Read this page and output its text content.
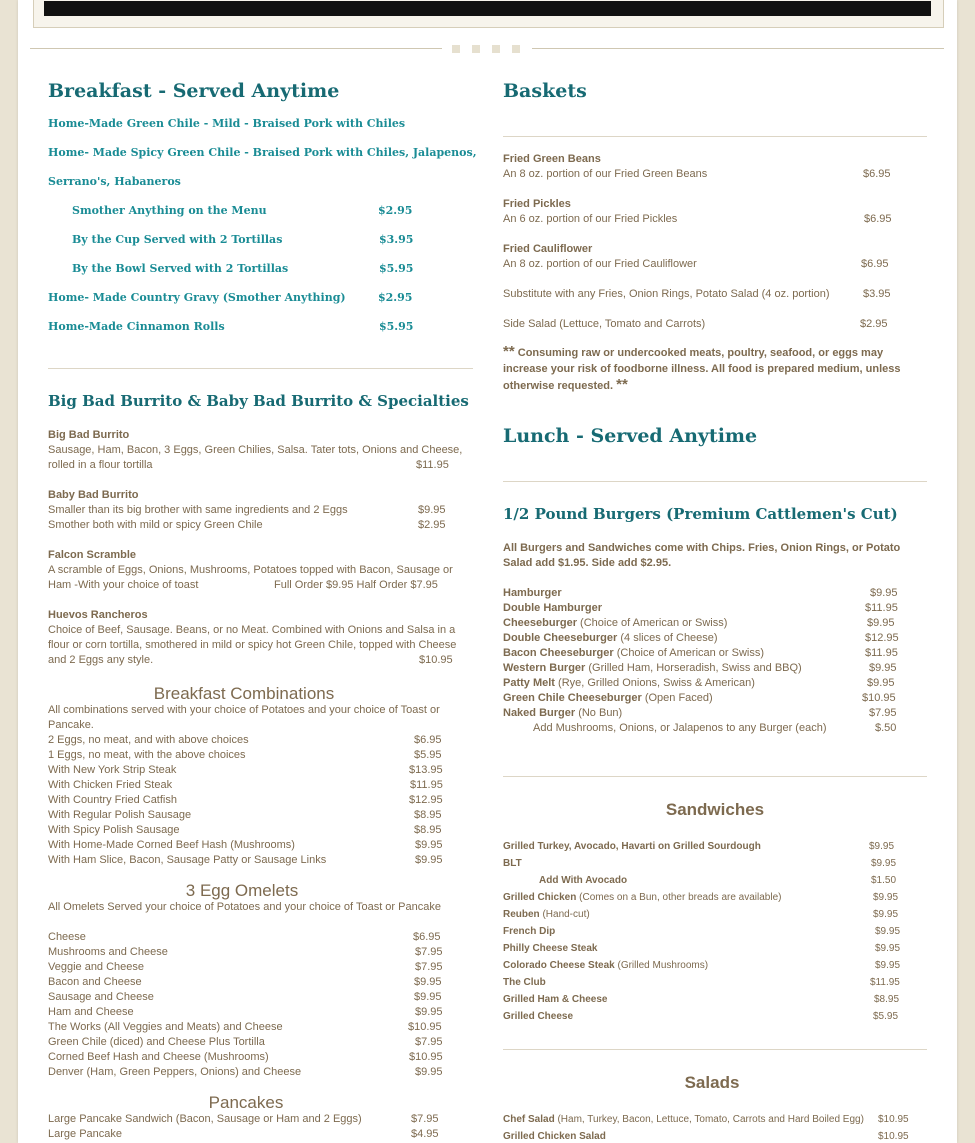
Breakfast - Served Anytime
Home-Made Green Chile - Mild - Braised Pork with Chiles
Home- Made Spicy Green Chile - Braised Pork with Chiles, Jalapenos,
Serrano's, Habaneros
Smother Anything on the Menu	$2.95
By the Cup Served with 2 Tortillas	$3.95
By the Bowl Served with 2 Tortillas	$5.95
Home- Made Country Gravy (Smother Anything)	$2.95
Home-Made Cinnamon Rolls	$5.95
Big Bad Burrito & Baby Bad Burrito & Specialties
Big Bad Burrito
Sausage, Ham, Bacon, 3 Eggs, Green Chilies, Salsa. Tater tots, Onions and Cheese,
rolled in a flour tortilla	$11.95
Baby Bad Burrito
Smaller than its big brother with same ingredients and 2 Eggs	$9.95
Smother both with mild or spicy Green Chile	$2.95
Falcon Scramble
A scramble of Eggs, Onions, Mushrooms, Potatoes topped with Bacon, Sausage or
Ham -With your choice of toast	Full Order $9.95 Half Order $7.95
Huevos Rancheros
Choice of Beef, Sausage. Beans, or no Meat. Combined with Onions and Salsa in a
flour or corn tortilla, smothered in mild or spicy hot Green Chile, topped with Cheese
and 2 Eggs any style.	$10.95
Breakfast Combinations
All combinations served with your choice of Potatoes and your choice of Toast or
Pancake.
3 Egg Omelets
All Omelets Served your choice of Potatoes and your choice of Toast or Pancake
Pancakes
Baskets
Substitute with any Fries, Onion Rings, Potato Salad (4 oz. portion)	$3.95
Side Salad (Lettuce, Tomato and Carrots)	$2.95
** Consuming raw or undercooked meats, poultry, seafood, or eggs may increase your risk of foodborne illness. All food is prepared medium, unless otherwise requested. **
Lunch - Served Anytime
1/2 Pound Burgers (Premium Cattlemen's Cut)
All Burgers and Sandwiches come with Chips. Fries, Onion Rings, or Potato Salad add $1.95. Side add $2.95.
Add Mushrooms, Onions, or Jalapenos to any Burger (each)	$.50
Sandwiches
Salads
2 Eggs, no meat, and with above choices	$6.95
1 Eggs, no meat, with the above choices	$5.95
With New York Strip Steak	$13.95
With Chicken Fried Steak	$11.95
With Country Fried Catfish	$12.95
With Regular Polish Sausage	$8.95
With Spicy Polish Sausage	$8.95
With Home-Made Corned Beef Hash (Mushrooms)	$9.95
With Ham Slice, Bacon, Sausage Patty or Sausage Links	$9.95
Cheese	$6.95
Mushrooms and Cheese	$7.95
Veggie and Cheese	$7.95
Bacon and Cheese	$9.95
Sausage and Cheese	$9.95
Ham and Cheese	$9.95
The Works (All Veggies and Meats) and Cheese	$10.95
Green Chile (diced) and Cheese Plus Tortilla	$7.95
Corned Beef Hash and Cheese (Mushrooms)	$10.95
Denver (Ham, Green Peppers, Onions) and Cheese	$9.95
Large Pancake Sandwich (Bacon, Sausage or Ham and 2 Eggs)	$7.95
Large Pancake	$4.95
Fried Green Beans
An 8 oz. portion of our Fried Green Beans	$6.95
Fried Pickles
An 6 oz. portion of our Fried Pickles	$6.95
Fried Cauliflower
An 8 oz. portion of our Fried Cauliflower	$6.95
Hamburger	$9.95
Double Hamburger	$11.95
Cheeseburger (Choice of American or Swiss)	$9.95
Double Cheeseburger (4 slices of Cheese)	$12.95
Bacon Cheeseburger (Choice of American or Swiss)	$11.95
Western Burger (Grilled Ham, Horseradish, Swiss and BBQ)	$9.95
Patty Melt (Rye, Grilled Onions, Swiss & American)	$9.95
Green Chile Cheeseburger (Open Faced)	$10.95
Naked Burger (No Bun)	$7.95
Grilled Turkey, Avocado, Havarti on Grilled Sourdough	$9.95
BLT	$9.95
Add With Avocado	$1.50
Grilled Chicken (Comes on a Bun, other breads are available)	$9.95
Reuben (Hand-cut)	$9.95
French Dip	$9.95
Philly Cheese Steak	$9.95
Colorado Cheese Steak (Grilled Mushrooms)	$9.95
The Club	$11.95
Grilled Ham & Cheese	$8.95
Grilled Cheese	$5.95
Chef Salad (Ham, Turkey, Bacon, Lettuce, Tomato, Carrots and Hard Boiled Egg) $10.95
Grilled Chicken Salad	$10.95
